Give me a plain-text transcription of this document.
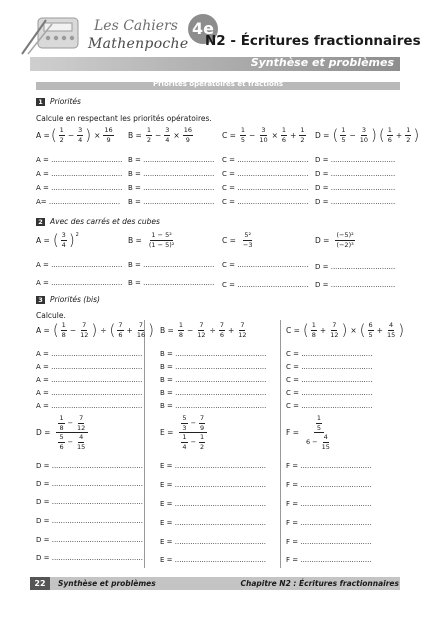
Les Cahiers
Mathenpoche
4e
N2 - Écritures fractionnaires
Synthèse et problèmes
Priorités opératoires et fractions
1 Priorités
Calcule en respectant les priorités opératoires.
A = ( $\frac{1}{2} - \frac{3}{4}$ ) × $\frac{16}{9}$ $B = \frac{1}{2} - \frac{3}{4} \times \frac{16}{9}$	$C = \frac{1}{5} - \frac{3}{10} \times \frac{1}{6} + \frac{1}{2}$ D = ( $\frac{1}{5} - \frac{3}{10}$ ) ( $\frac{1}{6} + \frac{1}{2}$ )
A = ................................ B = ................................ C = ................................ D = .............................
A = ................................ B = ................................ C = ................................ D = .............................
A = ................................ B = ................................ C = ................................ D = .............................
A= ................................ B = ................................ C = ................................ D = .............................
2 Avec des carrés et des cubes
A = ( $\frac{3}{4} )^2$
$B = \frac{\text{1 − 5²}}{\text{(1 − 5)²}}$	$C = \frac{\text{5²}}{-3}$	$D = \frac{\text{(−5)²}}{\text{(−2)³}}$
A = ................................ B = ................................ C = ................................ D = .............................
A = ................................ B = ................................ C = ................................ D = .............................
3 Priorités (bis)
Calcule.
A = ( $\frac{1}{8} - \frac{7}{12}$ ) ÷ ( $\frac{7}{6} + \frac{7}{16}$ ) $B = \frac{1}{8} - \frac{7}{12} \div \frac{7}{6} + \frac{7}{12}$	C = ( $\frac{1}{8} + \frac{7}{12}$ ) × ( $\frac{6}{5} + \frac{4}{15}$ )
A = .........................................	B = .........................................	C = ................................
A = .........................................	B = .........................................	C = ................................
A = .........................................	B = .........................................	C = ................................
A = .........................................	B = .........................................	C = ................................
A = .........................................	B = .........................................	C = ................................
$D = \frac{\frac{1}{8} - \frac{7}{12}}{\frac{5}{6} - \frac{4}{15}}$	$E = \frac{\frac{5}{3} - \frac{7}{9}}{\frac{1}{4} - \frac{1}{2}}$	$F = \frac{\frac{1}{5}}{6 - \frac{4}{15}}$
D = ......................................... E = .........................................	F = ................................
D = ......................................... E = .........................................	F = ................................
D = ......................................... E = .........................................	F = ................................
D = ......................................... E = .........................................	F = ................................
D = ......................................... E = .........................................	F = ................................
D = ......................................... E = .........................................	F = ................................
22	Synthèse et problèmes	Chapitre N2 : Écritures fractionnaires
